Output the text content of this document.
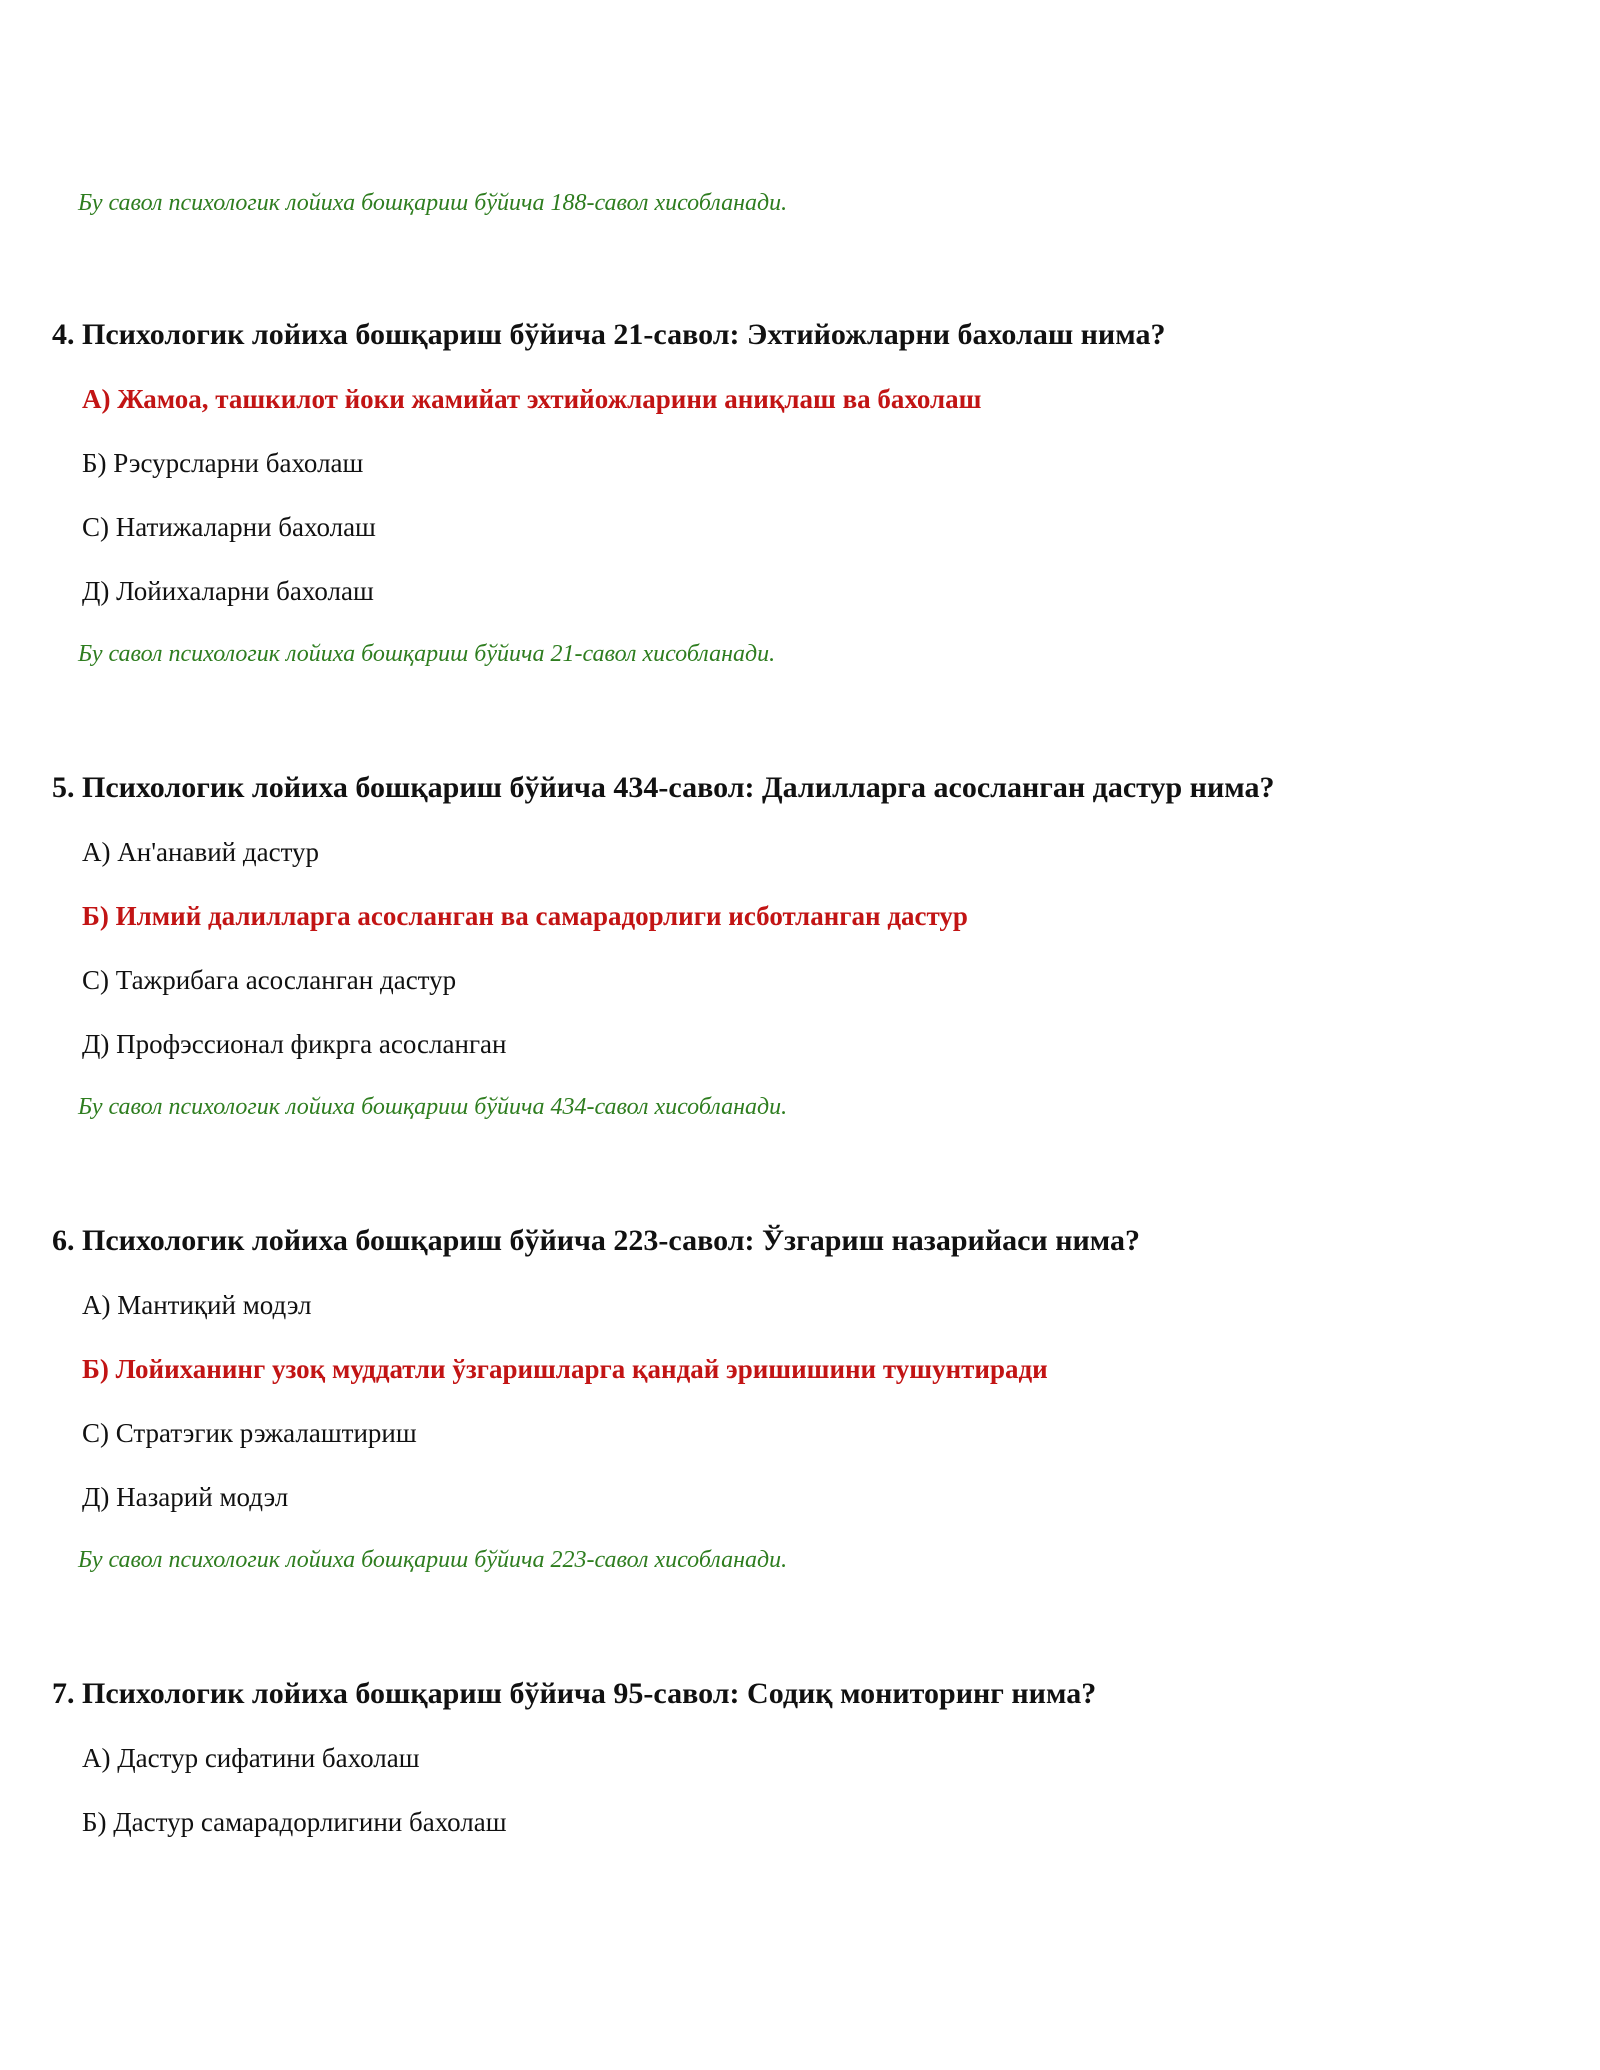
Бу савол психологик лойиха бошқариш бўйича 188-савол хисобланади.
4. Психологик лойиха бошқариш бўйича 21-савол: Эхтийожларни бахолаш нима?
А) Жамоа, ташкилот йоки жамийат эхтийожларини аниқлаш ва бахолаш
Б) Рэсурсларни бахолаш
С) Натижаларни бахолаш
Д) Лойихаларни бахолаш
Бу савол психологик лойиха бошқариш бўйича 21-савол хисобланади.
5. Психологик лойиха бошқариш бўйича 434-савол: Далилларга асосланган дастур нима?
А) Ан'анавий дастур
Б) Илмий далилларга асосланган ва самарадорлиги исботланган дастур
С) Тажрибага асосланган дастур
Д) Профэссионал фикрга асосланган
Бу савол психологик лойиха бошқариш бўйича 434-савол хисобланади.
6. Психологик лойиха бошқариш бўйича 223-савол: Ўзгариш назарийаси нима?
А) Мантиқий модэл
Б) Лойиханинг узоқ муддатли ўзгаришларга қандай эришишини тушунтиради
С) Стратэгик рэжалаштириш
Д) Назарий модэл
Бу савол психологик лойиха бошқариш бўйича 223-савол хисобланади.
7. Психологик лойиха бошқариш бўйича 95-савол: Содиқ мониторинг нима?
А) Дастур сифатини бахолаш
Б) Дастур самарадорлигини бахолаш
